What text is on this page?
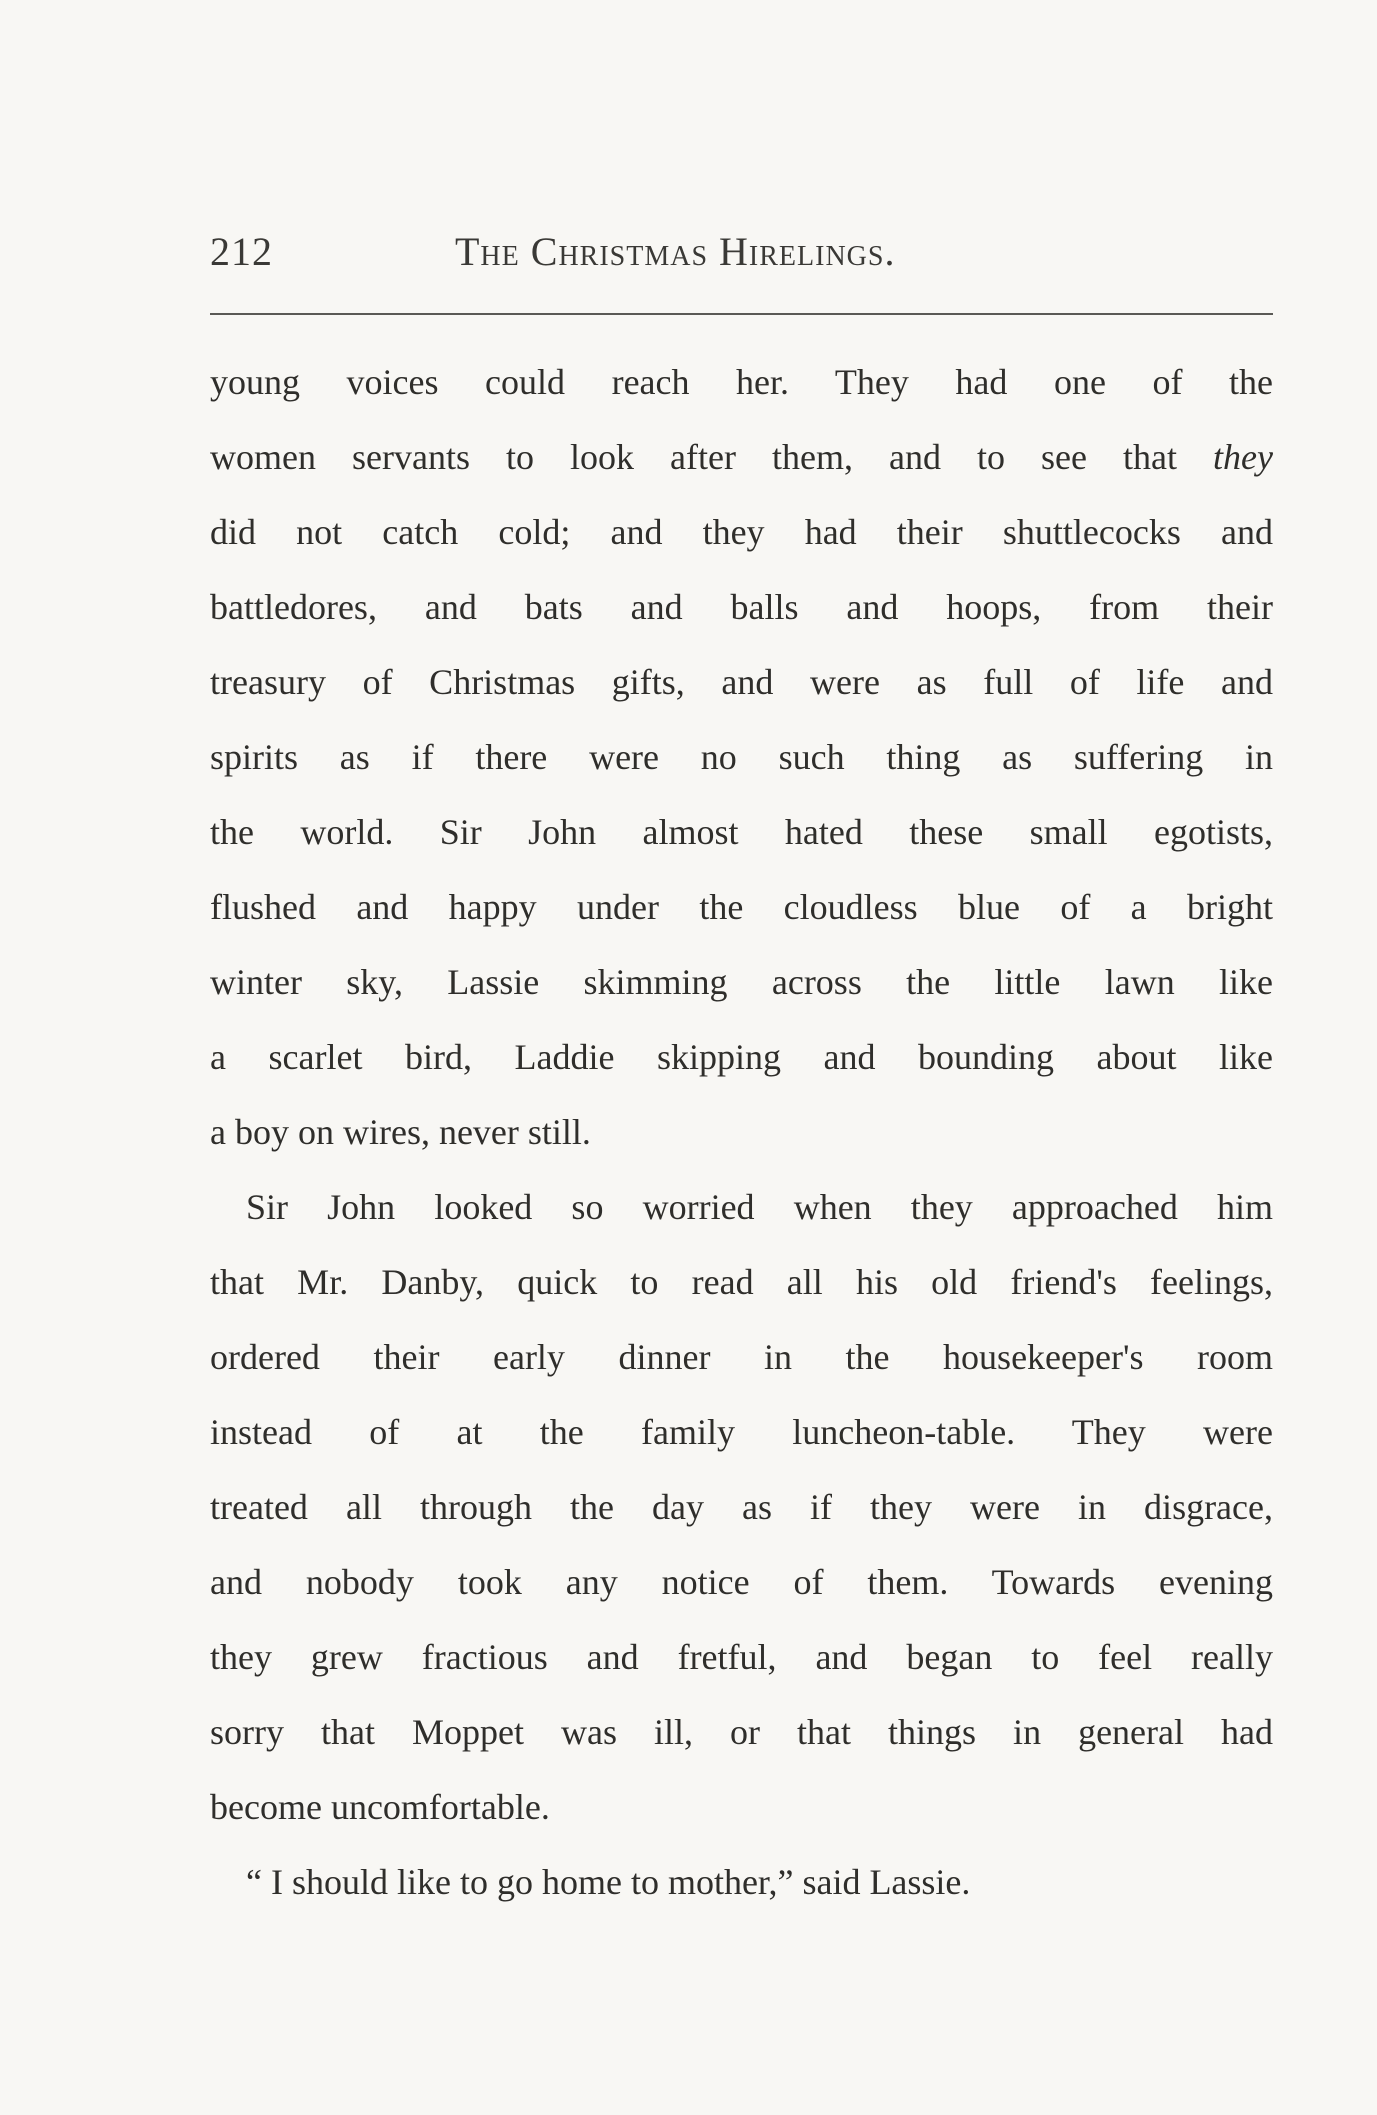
212	The Christmas Hirelings.
young voices could reach her. They had one of the
women servants to look after them, and to see that they
did not catch cold; and they had their shuttlecocks and
battledores, and bats and balls and hoops, from their
treasury of Christmas gifts, and were as full of life and
spirits as if there were no such thing as suffering in
the world. Sir John almost hated these small egotists,
flushed and happy under the cloudless blue of a bright
winter sky, Lassie skimming across the little lawn like
a scarlet bird, Laddie skipping and bounding about like
a boy on wires, never still.
Sir John looked so worried when they approached him
that Mr. Danby, quick to read all his old friend's feelings,
ordered their early dinner in the housekeeper's room
instead of at the family luncheon-table. They were
treated all through the day as if they were in disgrace,
and nobody took any notice of them. Towards evening
they grew fractious and fretful, and began to feel really
sorry that Moppet was ill, or that things in general had
become uncomfortable.
“ I should like to go home to mother,” said Lassie.
